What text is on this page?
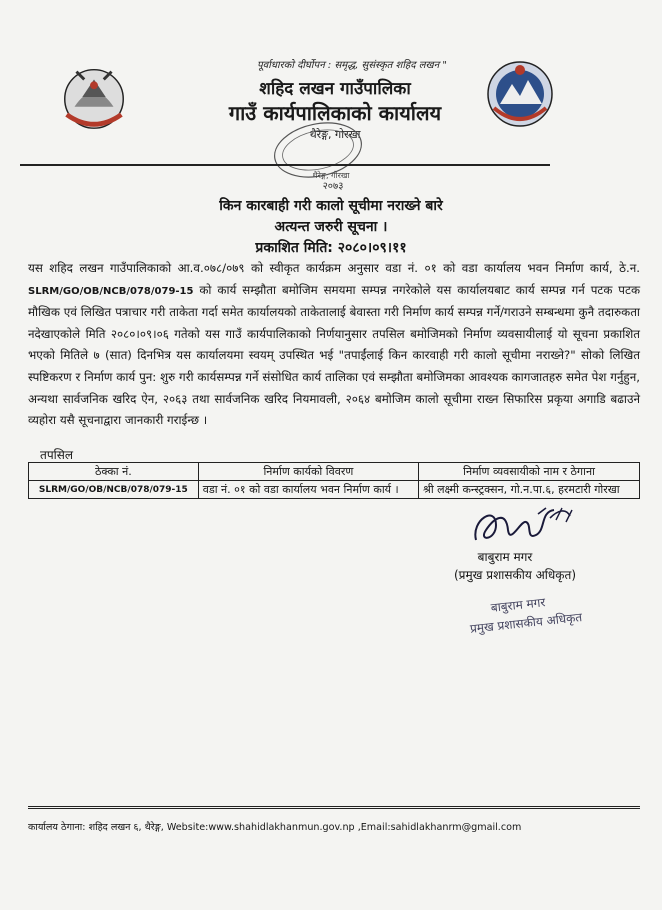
पूर्वाधारको दीर्घोपन : समृद्ध, सुसंस्कृत शहिद लखन "
शहिद लखन गाउँपालिका
गाउँ कार्यपालिकाको कार्यालय
थैरेङ्ग, गोरखा
थैरेङ्ग, गोरखा
२०७३
किन कारबाही गरी कालो सूचीमा नराख्ने बारे
अत्यन्त जरुरी सूचना ।
प्रकाशित मिति: २०८०।०९।११

यस शहिद लखन गाउँपालिकाको आ.व.०७८/०७९ को स्वीकृत कार्यक्रम अनुसार वडा नं. ०१ को वडा कार्यालय भवन निर्माण कार्य, ठे.न. SLRM/GO/OB/NCB/078/079-15 को कार्य सम्झौता बमोजिम समयमा सम्पन्न नगरेकोले यस कार्यालयबाट कार्य सम्पन्न गर्न पटक पटक मौखिक एवं लिखित पत्राचार गरी ताकेता गर्दा समेत कार्यालयको ताकेतालाई बेवास्ता गरी निर्माण कार्य सम्पन्न गर्ने/गराउने सम्बन्धमा कुनै तदारुकता नदेखाएकोले मिति २०८०।०९।०६ गतेको यस गाउँ कार्यपालिकाको निर्णयानुसार तपसिल बमोजिमको निर्माण व्यवसायीलाई यो सूचना प्रकाशित भएको मितिले ७ (सात) दिनभित्र यस कार्यालयमा स्वयम् उपस्थित भई "तपाईंलाई किन कारवाही गरी कालो सूचीमा नराख्ने?" सोको लिखित स्पष्टिकरण र निर्माण कार्य पुन: शुरु गरी कार्यसम्पन्न गर्ने संसोधित कार्य तालिका एवं सम्झौता बमोजिमका आवश्यक कागजातहरु समेत पेश गर्नुहुन, अन्यथा सार्वजनिक खरिद ऐन, २०६३ तथा सार्वजनिक खरिद नियमावली, २०६४ बमोजिम कालो सूचीमा राख्न सिफारिस प्रकृया अगाडि बढाउने व्यहोरा यसै सूचनाद्वारा जानकारी गराईन्छ ।

तपसिल
ठेक्का नं.	निर्माण कार्यको विवरण	निर्माण व्यवसायीको नाम र ठेगाना
SLRM/GO/OB/NCB/078/079-15	वडा नं. ०१ को वडा कार्यालय भवन निर्माण कार्य ।	श्री लक्ष्मी कन्स्ट्रक्सन, गो.न.पा.६, हरमटारी गोरखा
बाबुराम मगर
(प्रमुख प्रशासकीय अधिकृत)
बाबुराम मगर
प्रमुख प्रशासकीय अधिकृत
कार्यालय ठेगाना: शहिद लखन ६, थैरेङ्ग, Website:www.shahidlakhanmun.gov.np ,Email:sahidlakhanrm@gmail.com
